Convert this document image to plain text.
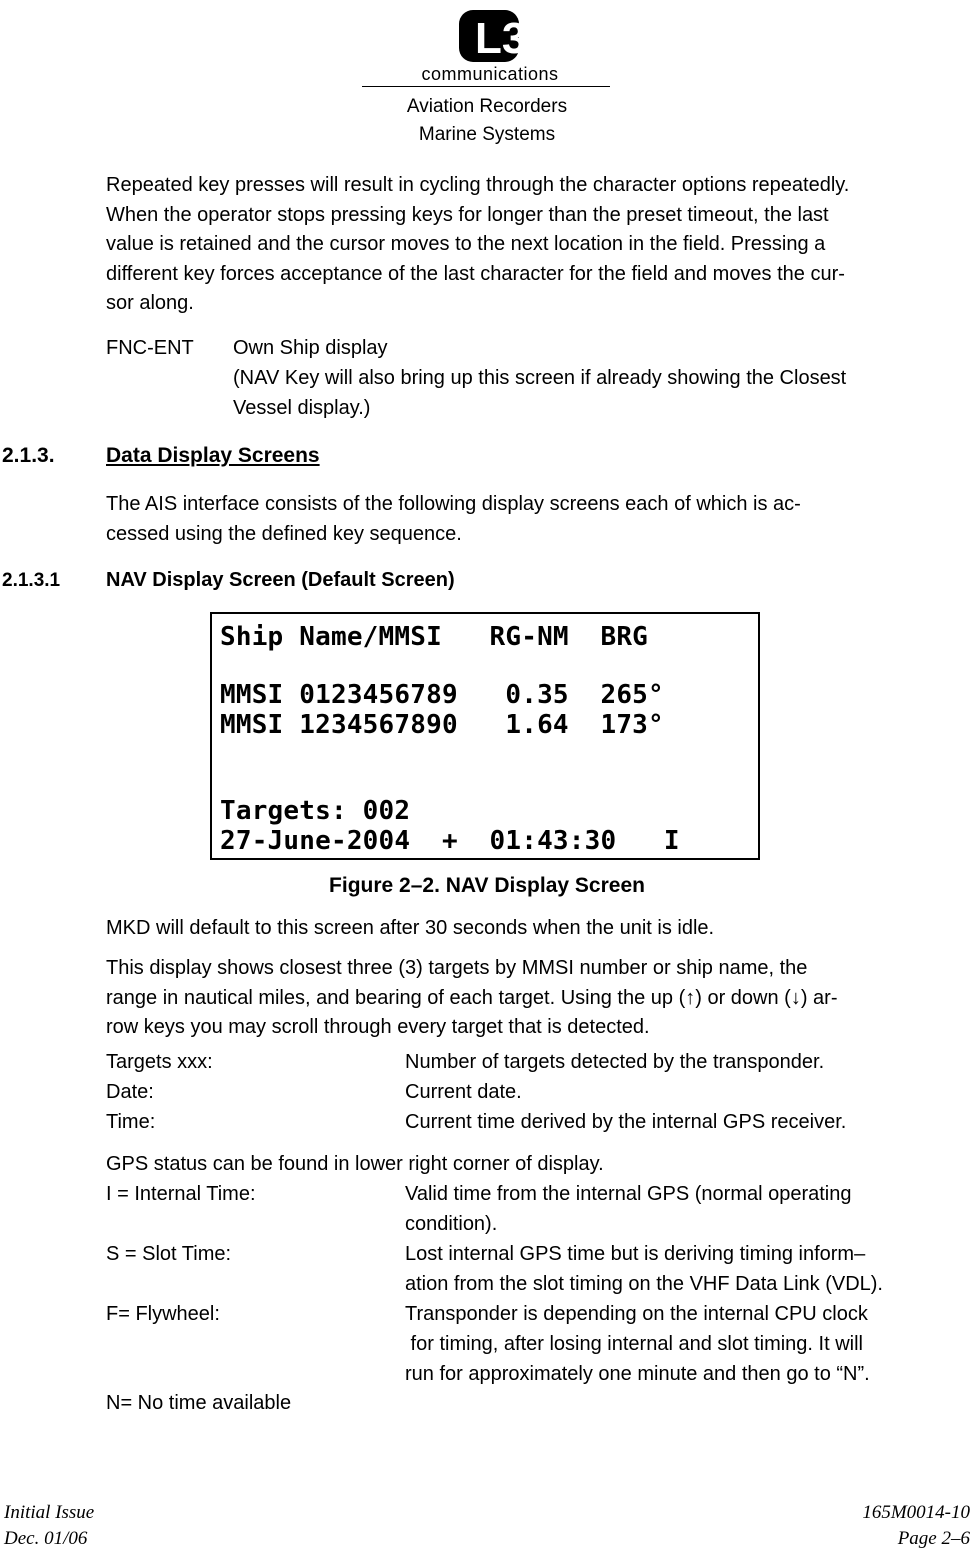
L3
communications
Aviation Recorders
Marine Systems

Repeated key presses will result in cycling through the character options repeatedly.

When the operator stops pressing keys for longer than the preset timeout, the last

value is retained and the cursor moves to the next location in the field. Pressing a

different key forces acceptance of the last character for the field and moves the cur-

sor along.

FNC-ENT Own Ship display
(NAV Key will also bring up this screen if already showing the Closest
Vessel display.)
2.1.3. Data Display Screens
The AIS interface consists of the following display screens each of which is ac-
cessed using the defined key sequence.
2.1.3.1 NAV Display Screen (Default Screen)
Ship Name/MMSI   RG-NM  BRG
MMSI 0123456789   0.35  265°
MMSI 1234567890   1.64  173°
Targets: 002
27-June-2004  +  01:43:30   I
Figure 2–2. NAV Display Screen
MKD will default to this screen after 30 seconds when the unit is idle.
This display shows closest three (3) targets by MMSI number or ship name, the
range in nautical miles, and bearing of each target. Using the up (↑) or down (↓) ar-
row keys you may scroll through every target that is detected.
Targets xxx:	Number of targets detected by the transponder.
Date:	Current date.
Time:	Current time derived by the internal GPS receiver.
GPS status can be found in lower right corner of display.
I = Internal Time:	Valid time from the internal GPS (normal operating
condition).
S = Slot Time:	Lost internal GPS time but is deriving timing inform–
ation from the slot timing on the VHF Data Link (VDL).
F= Flywheel:	Transponder is depending on the internal CPU clock
for timing, after losing internal and slot timing. It will
run for approximately one minute and then go to “N”.
N= No time available
Initial Issue
Dec. 01/06
165M0014-10
Page 2–6
